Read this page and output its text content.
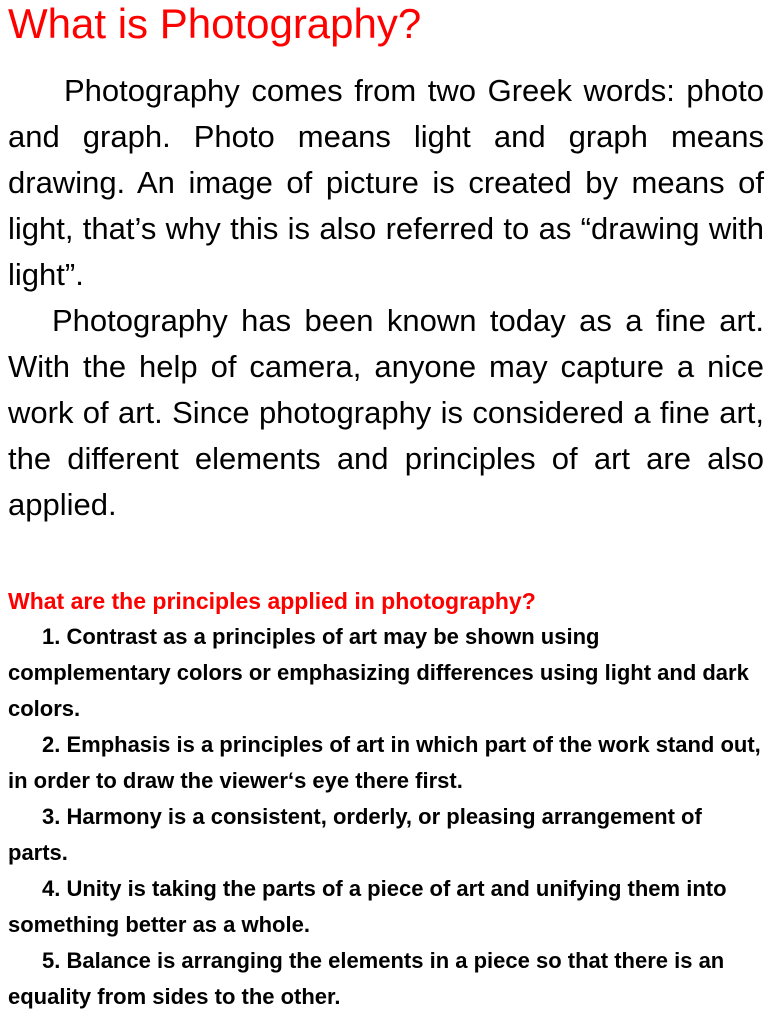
What is Photography?

Photography comes from two Greek words: photo and graph. Photo means light and graph means drawing. An image of picture is created by means of light, that’s why this is also referred to as “drawing with light”.

Photography has been known today as a fine art. With the help of camera, anyone may capture a nice work of art. Since photography is considered a fine art, the different elements and principles of art are also applied.

What are the principles applied in photography?
1. Contrast as a principles of art may be shown using complementary colors or emphasizing differences using light and dark colors.
2. Emphasis is a principles of art in which part of the work stand out, in order to draw the viewer‘s eye there first.
3. Harmony is a consistent, orderly, or pleasing arrangement of parts.
4. Unity is taking the parts of a piece of art and unifying them into something better as a whole.
5. Balance is arranging the elements in a piece so that there is an equality from sides to the other.
